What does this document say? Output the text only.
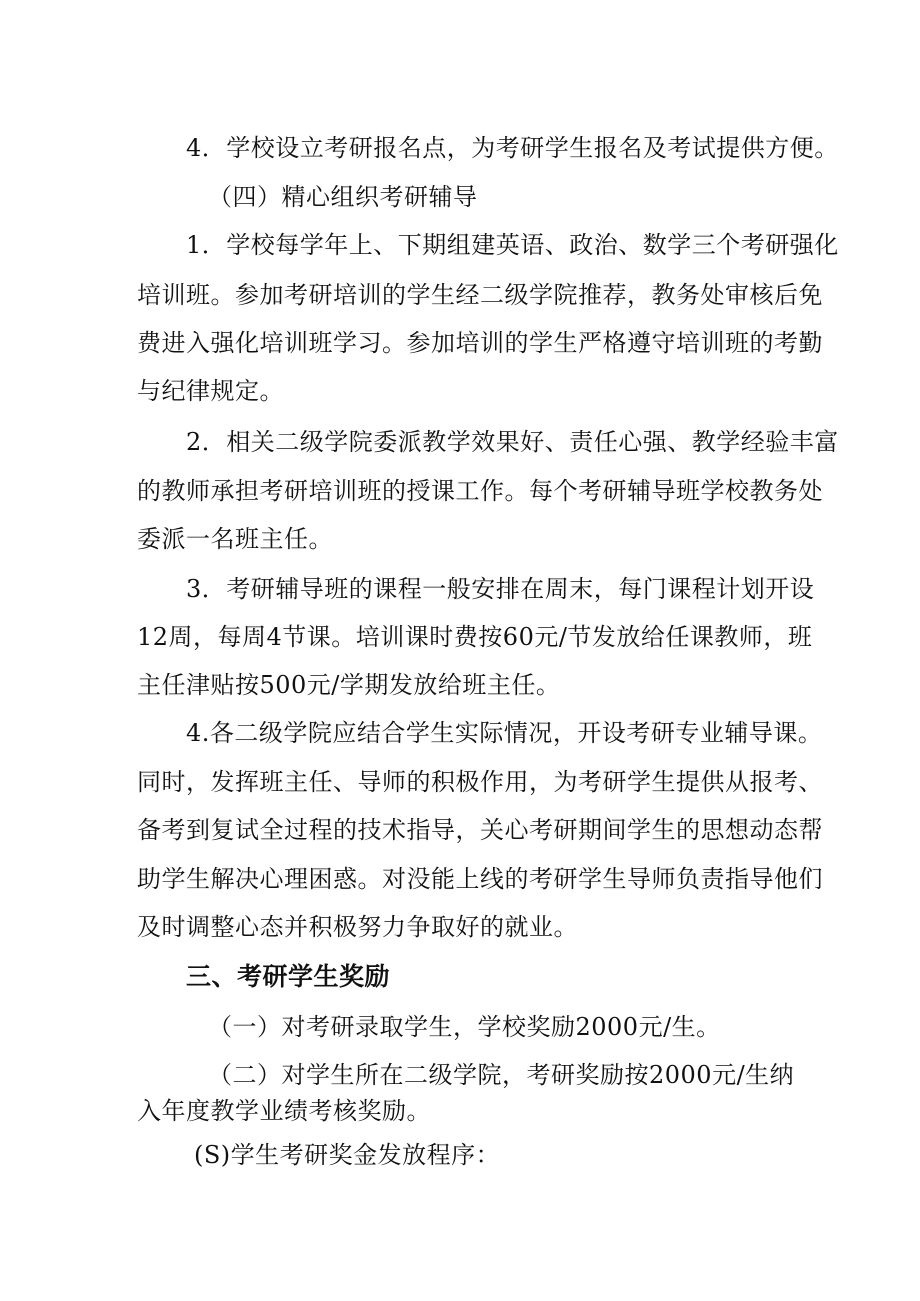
4．学校设立考研报名点，为考研学生报名及考试提供方便。
（四）精心组织考研辅导
1．学校每学年上、下期组建英语、政治、数学三个考研强化
培训班。参加考研培训的学生经二级学院推荐，教务处审核后免
费进入强化培训班学习。参加培训的学生严格遵守培训班的考勤
与纪律规定。
2．相关二级学院委派教学效果好、责任心强、教学经验丰富
的教师承担考研培训班的授课工作。每个考研辅导班学校教务处
委派一名班主任。
3．考研辅导班的课程一般安排在周末，每门课程计划开设
12周，每周4节课。培训课时费按60元/节发放给任课教师，班
主任津贴按500元/学期发放给班主任。
4.各二级学院应结合学生实际情况，开设考研专业辅导课。
同时，发挥班主任、导师的积极作用，为考研学生提供从报考、
备考到复试全过程的技术指导，关心考研期间学生的思想动态帮
助学生解决心理困惑。对没能上线的考研学生导师负责指导他们
及时调整心态并积极努力争取好的就业。
三、考研学生奖励
（一）对考研录取学生，学校奖励2000元/生。
（二）对学生所在二级学院，考研奖励按2000元/生纳
入年度教学业绩考核奖励。
(S)学生考研奖金发放程序：
